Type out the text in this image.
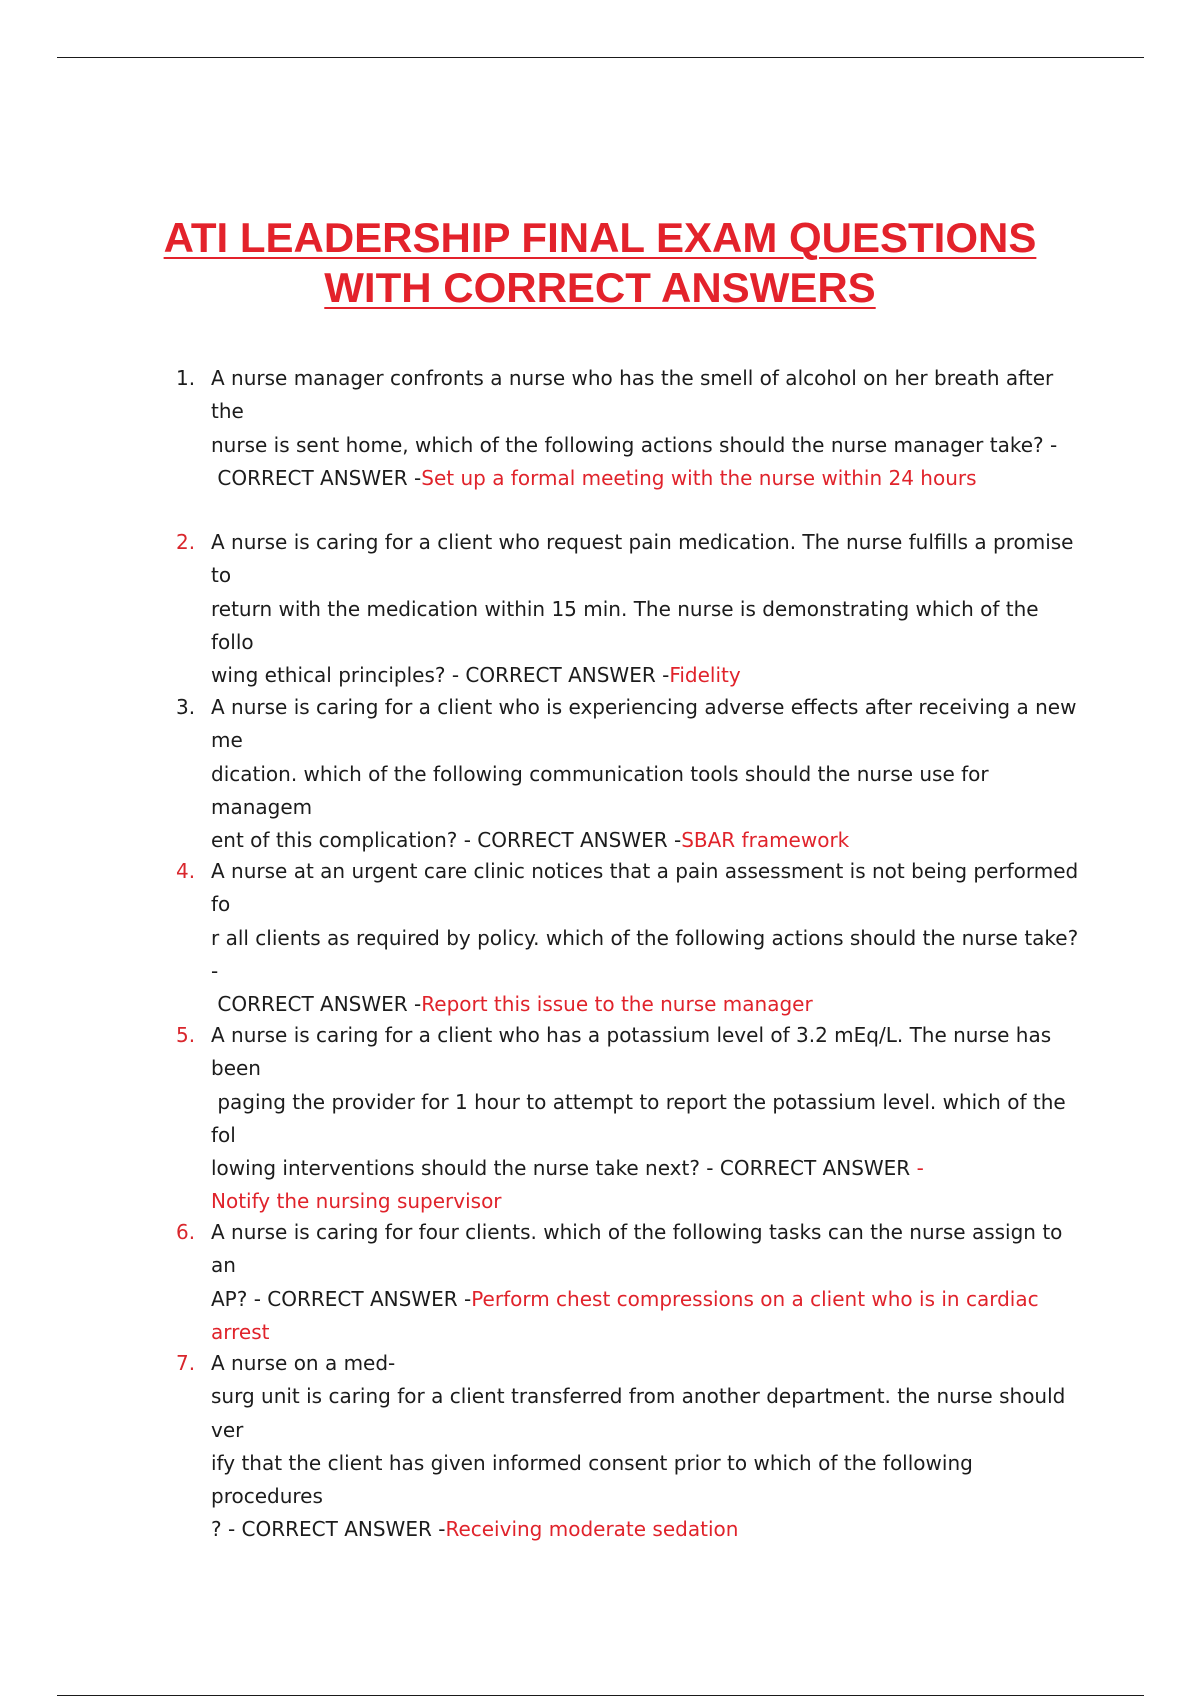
ATI LEADERSHIP FINAL EXAM QUESTIONS
WITH CORRECT ANSWERS
1. A nurse manager confronts a nurse who has the smell of alcohol on her breath after the
nurse is sent home, which of the following actions should the nurse manager take? -
CORRECT ANSWER -Set up a formal meeting with the nurse within 24 hours
2. A nurse is caring for a client who request pain medication. The nurse fulfills a promise to
return with the medication within 15 min. The nurse is demonstrating which of the follo
wing ethical principles? - CORRECT ANSWER -Fidelity
3. A nurse is caring for a client who is experiencing adverse effects after receiving a new me
dication. which of the following communication tools should the nurse use for managem
ent of this complication? - CORRECT ANSWER -SBAR framework
4. A nurse at an urgent care clinic notices that a pain assessment is not being performed fo
r all clients as required by policy. which of the following actions should the nurse take? -
CORRECT ANSWER -Report this issue to the nurse manager
5. A nurse is caring for a client who has a potassium level of 3.2 mEq/L. The nurse has been
paging the provider for 1 hour to attempt to report the potassium level. which of the fol
lowing interventions should the nurse take next? - CORRECT ANSWER -
Notify the nursing supervisor
6. A nurse is caring for four clients. which of the following tasks can the nurse assign to an
AP? - CORRECT ANSWER -Perform chest compressions on a client who is in cardiac arrest
7. A nurse on a med-
surg unit is caring for a client transferred from another department. the nurse should ver
ify that the client has given informed consent prior to which of the following procedures
? - CORRECT ANSWER -Receiving moderate sedation
